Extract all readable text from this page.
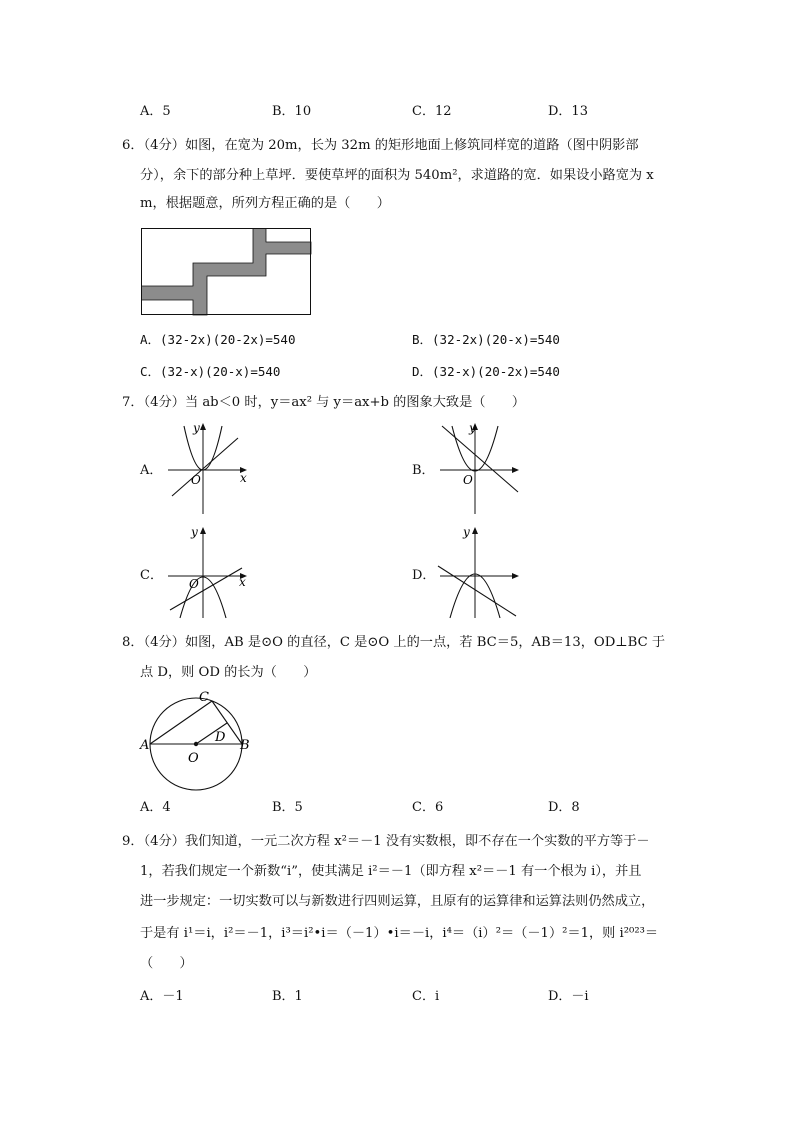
A．5	B．10	C．12	D．13
6．（4分）如图，在宽为 20m，长为 32m 的矩形地面上修筑同样宽的道路（图中阴影部
分），余下的部分种上草坪．要使草坪的面积为 540m²，求道路的宽．如果设小路宽为 x
m，根据题意，所列方程正确的是（　　）
A．(32-2x)(20-2x)=540	B．(32-2x)(20-x)=540
C．(32-x)(20-x)=540	D．(32-x)(20-2x)=540
7．（4分）当 ab＜0 时，y＝ax² 与 y＝ax+b 的图象大致是（　　）
A．	B．
C．	D．
O	x
y
O
y
O	x
y	y
8．（4分）如图，AB 是⊙O 的直径，C 是⊙O 上的一点，若 BC＝5，AB＝13，OD⊥BC 于
点 D，则 OD 的长为（　　）
A	B
C
D
O
A．4	B．5	C．6	D．8
9．（4分）我们知道，一元二次方程 x²＝－1 没有实数根，即不存在一个实数的平方等于－
1，若我们规定一个新数“i”，使其满足 i²＝－1（即方程 x²＝－1 有一个根为 i），并且
进一步规定：一切实数可以与新数进行四则运算，且原有的运算律和运算法则仍然成立，
于是有 i¹＝i，i²＝－1，i³＝i²•i＝（－1）•i＝－i，i⁴＝（i）²＝（－1）²＝1，则 i²⁰²³＝
（　　）
A．－1	B．1	C．i	D．－i
